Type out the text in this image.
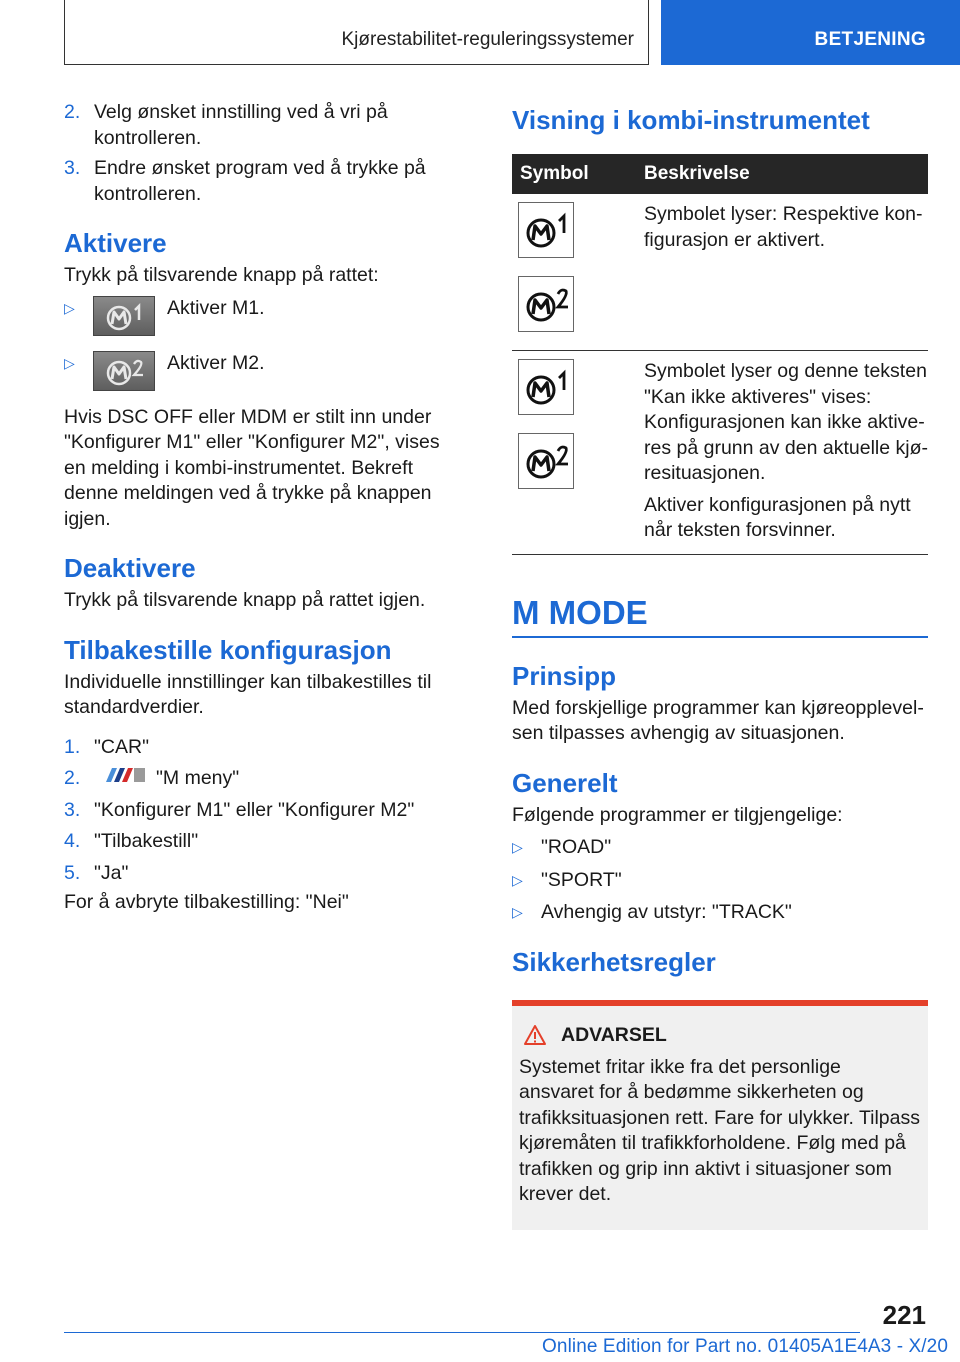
Kjørestabilitet-reguleringssystemer	BETJENING
2. Velg ønsket innstilling ved å vri på kontrolleren.
3. Endre ønsket program ved å trykke på kontrolleren.
Aktivere
Trykk på tilsvarende knapp på rattet:
▷	Aktiver M1.
▷	Aktiver M2.
Hvis DSC OFF eller MDM er stilt inn under "Konfigurer M1" eller "Konfigurer M2", vises en melding i kombi-instrumentet. Bekreft denne meldingen ved å trykke på knappen igjen.
Deaktivere
Trykk på tilsvarende knapp på rattet igjen.
Tilbakestille konfigurasjon
Individuelle innstillinger kan tilbakestilles til standardverdier.
1. "CAR"
2.	"M meny"
3. "Konfigurer M1" eller "Konfigurer M2"
4. "Tilbakestill"
5. "Ja"
For å avbryte tilbakestilling: "Nei"
Visning i kombi-instrumentet
Symbol	Beskrivelse
Symbolet lyser: Respektive konfigurasjon er aktivert.
Symbolet lyser og denne teksten "Kan ikke aktiveres" vises: Konfigurasjonen kan ikke aktiveres på grunn av den aktuelle kjøresituasjonen.
Aktiver konfigurasjonen på nytt når teksten forsvinner.
M MODE
Prinsipp
Med forskjellige programmer kan kjøreopplevelsen tilpasses avhengig av situasjonen.
Generelt
Følgende programmer er tilgjengelige:
▷ "ROAD"
▷ "SPORT"
▷ Avhengig av utstyr: "TRACK"
Sikkerhetsregler
ADVARSEL
Systemet fritar ikke fra det personlige ansvaret for å bedømme sikkerheten og trafikksituasjonen rett. Fare for ulykker. Tilpass kjøremåten til trafikkforholdene. Følg med på trafikken og grip inn aktivt i situasjoner som krever det.
221
Online Edition for Part no. 01405A1E4A3 - X/20
